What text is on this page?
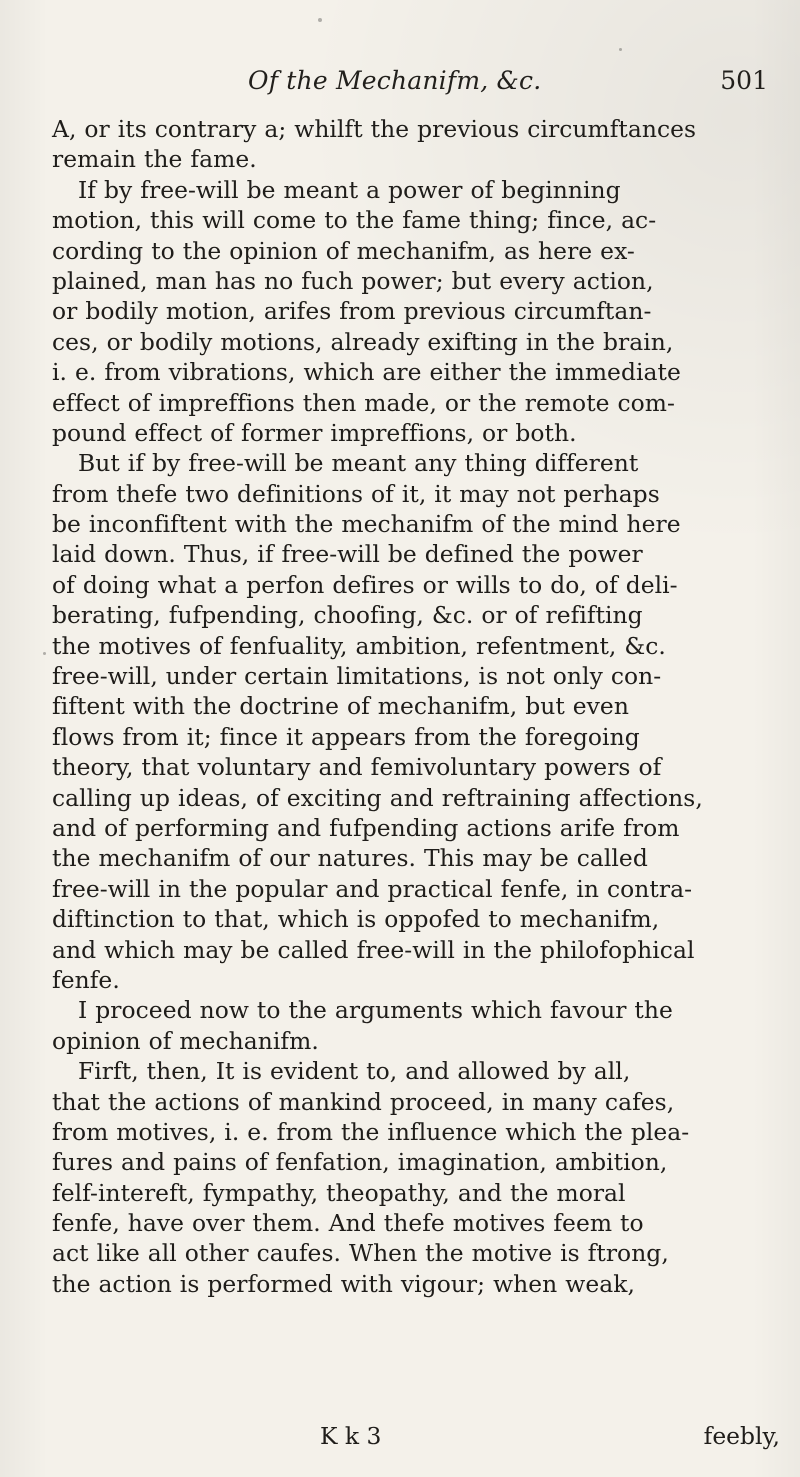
Of the Mechanifm, &c.	501
A, or its contrary a; whilft the previous circumftances
remain the fame.
If by free-will be meant a power of beginning
motion, this will come to the fame thing; fince, ac-
cording to the opinion of mechanifm, as here ex-
plained, man has no fuch power; but every action,
or bodily motion, arifes from previous circumftan-
ces, or bodily motions, already exifting in the brain,
i. e. from vibrations, which are either the immediate
effect of impreffions then made, or the remote com-
pound effect of former impreffions, or both.
But if by free-will be meant any thing different
from thefe two definitions of it, it may not perhaps
be inconfiftent with the mechanifm of the mind here
laid down. Thus, if free-will be defined the power
of doing what a perfon defires or wills to do, of deli-
berating, fufpending, choofing, &c. or of refifting
the motives of fenfuality, ambition, refentment, &c.
free-will, under certain limitations, is not only con-
fiftent with the doctrine of mechanifm, but even
flows from it; fince it appears from the foregoing
theory, that voluntary and femivoluntary powers of
calling up ideas, of exciting and reftraining affections,
and of performing and fufpending actions arife from
the mechanifm of our natures. This may be called
free-will in the popular and practical fenfe, in contra-
diftinction to that, which is oppofed to mechanifm,
and which may be called free-will in the philofophical
fenfe.
I proceed now to the arguments which favour the
opinion of mechanifm.
Firft, then, It is evident to, and allowed by all,
that the actions of mankind proceed, in many cafes,
from motives, i. e. from the influence which the plea-
fures and pains of fenfation, imagination, ambition,
felf-intereft, fympathy, theopathy, and the moral
fenfe, have over them. And thefe motives feem to
act like all other caufes. When the motive is ftrong,
the action is performed with vigour; when weak,
K k 3	feebly,
